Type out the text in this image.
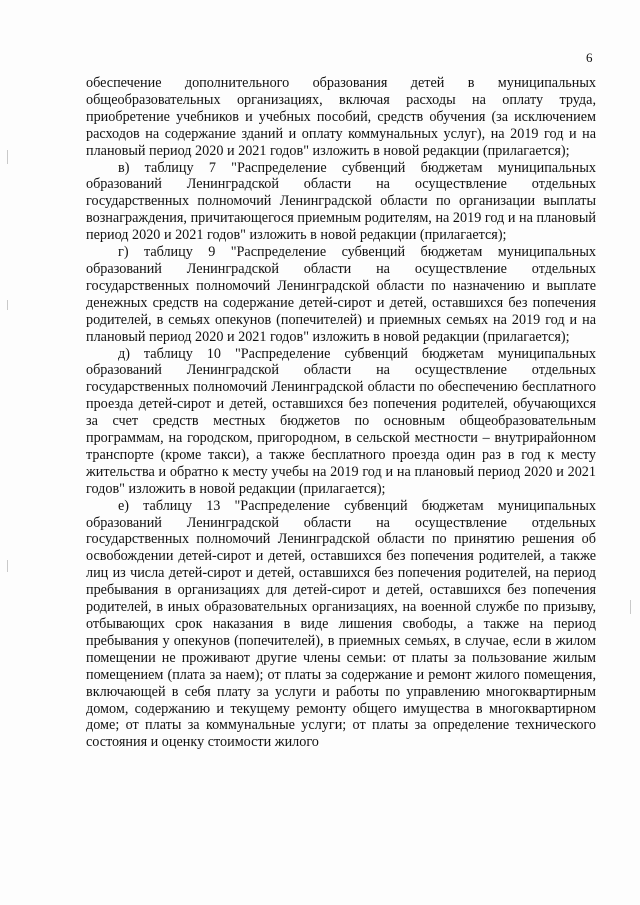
6

обеспечение дополнительного образования детей в муниципальных общеобразовательных организациях, включая расходы на оплату труда, приобретение учебников и учебных пособий, средств обучения (за исключением расходов на содержание зданий и оплату коммунальных услуг), на 2019 год и на плановый период 2020 и 2021 годов" изложить в новой редакции (прилагается);

в) таблицу 7 "Распределение субвенций бюджетам муниципальных образований Ленинградской области на осуществление отдельных государственных полномочий Ленинградской области по организации выплаты вознаграждения, причитающегося приемным родителям, на 2019 год и на плановый период 2020 и 2021 годов" изложить в новой редакции (прилагается);

г) таблицу 9 "Распределение субвенций бюджетам муниципальных образований Ленинградской области на осуществление отдельных государственных полномочий Ленинградской области по назначению и выплате денежных средств на содержание детей-сирот и детей, оставшихся без попечения родителей, в семьях опекунов (попечителей) и приемных семьях на 2019 год и на плановый период 2020 и 2021 годов" изложить в новой редакции (прилагается);

д) таблицу 10 "Распределение субвенций бюджетам муниципальных образований Ленинградской области на осуществление отдельных государственных полномочий Ленинградской области по обеспечению бесплатного проезда детей-сирот и детей, оставшихся без попечения родителей, обучающихся за счет средств местных бюджетов по основным общеобразовательным программам, на городском, пригородном, в сельской местности – внутрирайонном транспорте (кроме такси), а также бесплатного проезда один раз в год к месту жительства и обратно к месту учебы на 2019 год и на плановый период 2020 и 2021 годов" изложить в новой редакции (прилагается);

е) таблицу 13 "Распределение субвенций бюджетам муниципальных образований Ленинградской области на осуществление отдельных государственных полномочий Ленинградской области по принятию решения об освобождении детей-сирот и детей, оставшихся без попечения родителей, а также лиц из числа детей-сирот и детей, оставшихся без попечения родителей, на период пребывания в организациях для детей-сирот и детей, оставшихся без попечения родителей, в иных образовательных организациях, на военной службе по призыву, отбывающих срок наказания в виде лишения свободы, а также на период пребывания у опекунов (попечителей), в приемных семьях, в случае, если в жилом помещении не проживают другие члены семьи: от платы за пользование жилым помещением (плата за наем); от платы за содержание и ремонт жилого помещения, включающей в себя плату за услуги и работы по управлению многоквартирным домом, содержанию и текущему ремонту общего имущества в многоквартирном доме; от платы за коммунальные услуги; от платы за определение технического состояния и оценку стоимости жилого
